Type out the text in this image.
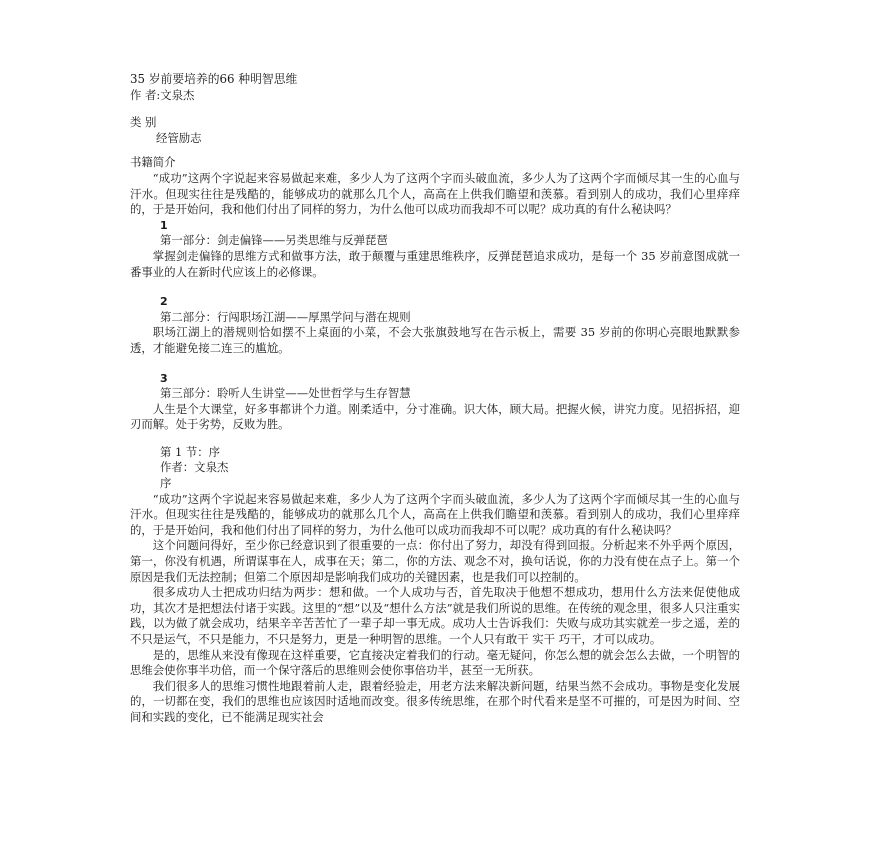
35 岁前要培养的66 种明智思维
作 者:文泉杰
类 别
经管励志
书籍简介
“成功”这两个字说起来容易做起来难，多少人为了这两个字而头破血流，多少人为了这两个字而倾尽其一生的心血与汗水。但现实往往是残酷的，能够成功的就那么几个人，高高在上供我们瞻望和羡慕。看到别人的成功，我们心里痒痒的，于是开始问，我和他们付出了同样的努力，为什么他可以成功而我却不可以呢？成功真的有什么秘诀吗？
1
第一部分：剑走偏锋——另类思维与反弹琵琶
掌握剑走偏锋的思维方式和做事方法，敢于颠覆与重建思维秩序，反弹琵琶追求成功，是每一个 35 岁前意图成就一番事业的人在新时代应该上的必修课。
2
第二部分：行闯职场江湖——厚黑学问与潜在规则
职场江湖上的潜规则恰如摆不上桌面的小菜，不会大张旗鼓地写在告示板上，需要 35 岁前的你明心亮眼地默默参透，才能避免接二连三的尴尬。
3
第三部分：聆听人生讲堂——处世哲学与生存智慧
人生是个大课堂，好多事都讲个力道。刚柔适中，分寸准确。识大体，顾大局。把握火候，讲究力度。见招拆招，迎刃而解。处于劣势，反败为胜。
第 1 节：序
作者：文泉杰
序
“成功”这两个字说起来容易做起来难，多少人为了这两个字而头破血流，多少人为了这两个字而倾尽其一生的心血与汗水。但现实往往是残酷的，能够成功的就那么几个人，高高在上供我们瞻望和羡慕。看到别人的成功，我们心里痒痒的，于是开始问，我和他们付出了同样的努力，为什么他可以成功而我却不可以呢？成功真的有什么秘诀吗？
这个问题问得好，至少你已经意识到了很重要的一点：你付出了努力，却没有得到回报。分析起来不外乎两个原因，第一，你没有机遇，所谓谋事在人，成事在天；第二，你的方法、观念不对，换句话说，你的力没有使在点子上。第一个原因是我们无法控制；但第二个原因却是影响我们成功的关键因素，也是我们可以控制的。
很多成功人士把成功归结为两步：想和做。一个人成功与否，首先取决于他想不想成功，想用什么方法来促使他成功，其次才是把想法付诸于实践。这里的“想”以及“想什么方法”就是我们所说的思维。在传统的观念里，很多人只注重实践，以为做了就会成功，结果辛辛苦苦忙了一辈子却一事无成。成功人士告诉我们：失败与成功其实就差一步之遥，差的不只是运气，不只是能力，不只是努力，更是一种明智的思维。一个人只有敢干 实干 巧干，才可以成功。
是的，思维从来没有像现在这样重要，它直接决定着我们的行动。毫无疑问，你怎么想的就会怎么去做，一个明智的思维会使你事半功倍，而一个保守落后的思维则会使你事倍功半，甚至一无所获。
我们很多人的思维习惯性地跟着前人走，跟着经验走，用老方法来解决新问题，结果当然不会成功。事物是变化发展的，一切都在变，我们的思维也应该因时适地而改变。很多传统思维，在那个时代看来是坚不可摧的，可是因为时间、空间和实践的变化，已不能满足现实社会
